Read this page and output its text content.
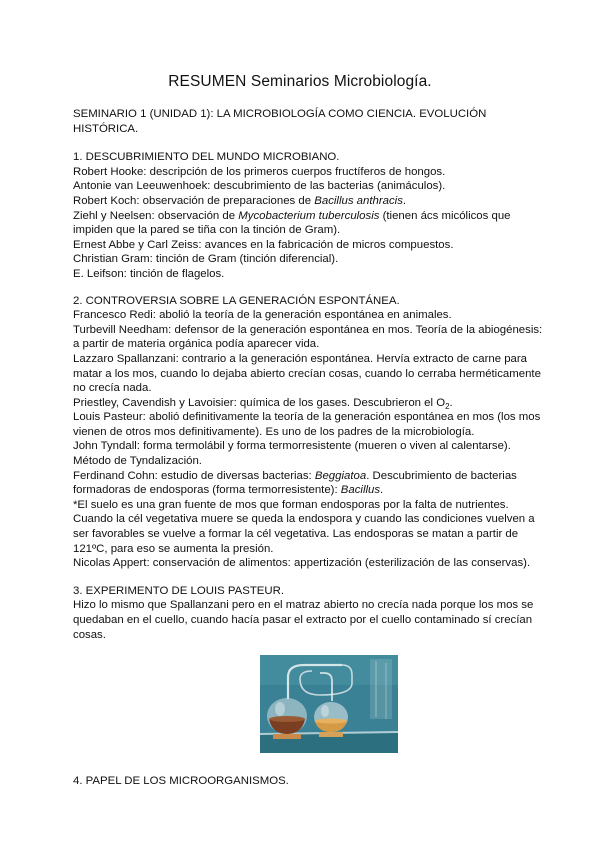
RESUMEN Seminarios Microbiología.

SEMINARIO 1 (UNIDAD 1): LA MICROBIOLOGÍA COMO CIENCIA. EVOLUCIÓN HISTÓRICA.

1. DESCUBRIMIENTO DEL MUNDO MICROBIANO.

Robert Hooke: descripción de los primeros cuerpos fructíferos de hongos.

Antonie van Leeuwenhoek: descubrimiento de las bacterias (animáculos).

Robert Koch: observación de preparaciones de Bacillus anthracis.

Ziehl y Neelsen: observación de Mycobacterium tuberculosis (tienen ács micólicos que impiden que la pared se tiña con la tinción de Gram).

Ernest Abbe y Carl Zeiss: avances en la fabricación de micros compuestos.

Christian Gram: tinción de Gram (tinción diferencial).

E. Leifson: tinción de flagelos.

2. CONTROVERSIA SOBRE LA GENERACIÓN ESPONTÁNEA.

Francesco Redi: abolió la teoría de la generación espontánea en animales.

Turbevill Needham: defensor de la generación espontánea en mos. Teoría de la abiogénesis: a partir de materia orgánica podía aparecer vida.

Lazzaro Spallanzani: contrario a la generación espontánea. Hervía extracto de carne para matar a los mos, cuando lo dejaba abierto crecían cosas, cuando lo cerraba herméticamente no crecía nada.

Priestley, Cavendish y Lavoisier: química de los gases. Descubrieron el $O_2$.

Louis Pasteur: abolió definitivamente la teoría de la generación espontánea en mos (los mos vienen de otros mos definitivamente). Es uno de los padres de la microbiología.

John Tyndall: forma termolábil y forma termorresistente (mueren o viven al calentarse). Método de Tyndalización.

Ferdinand Cohn: estudio de diversas bacterias: Beggiatoa. Descubrimiento de bacterias formadoras de endosporas (forma termorresistente): Bacillus.

*El suelo es una gran fuente de mos que forman endosporas por la falta de nutrientes. Cuando la cél vegetativa muere se queda la endospora y cuando las condiciones vuelven a ser favorables se vuelve a formar la cél vegetativa. Las endosporas se matan a partir de 121ºC, para eso se aumenta la presión.

Nicolas Appert: conservación de alimentos: appertización (esterilización de las conservas).

3. EXPERIMENTO DE LOUIS PASTEUR.

Hizo lo mismo que Spallanzani pero en el matraz abierto no crecía nada porque los mos se quedaban en el cuello, cuando hacía pasar el extracto por el cuello contaminado sí crecían cosas.

4. PAPEL DE LOS MICROORGANISMOS.
